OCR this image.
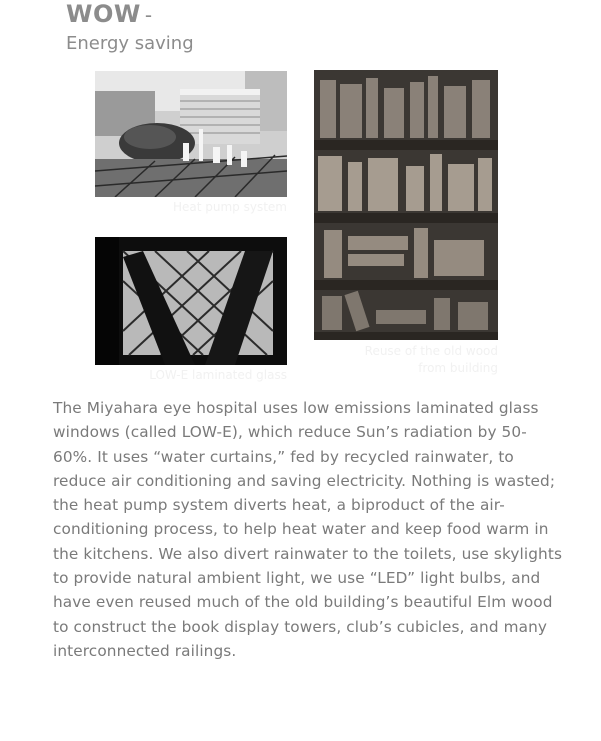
WOW -
Energy saving
Heat pump system
Reuse of the old wood
from building
LOW-E laminated glass
The Miyahara eye hospital uses low emissions laminated glass windows (called LOW-E), which reduce Sun’s radiation by 50-60%. It uses “water curtains,” fed by recycled rainwater, to reduce air conditioning and saving electricity. Nothing is wasted; the heat pump system diverts heat, a biproduct of the air-conditioning process, to help heat water and keep food warm in the kitchens. We also divert rainwater to the toilets, use skylights to provide natural ambient light, we use “LED” light bulbs, and have even reused much of the old building’s beautiful Elm wood to construct the book display towers, club’s cubicles, and many interconnected railings.
